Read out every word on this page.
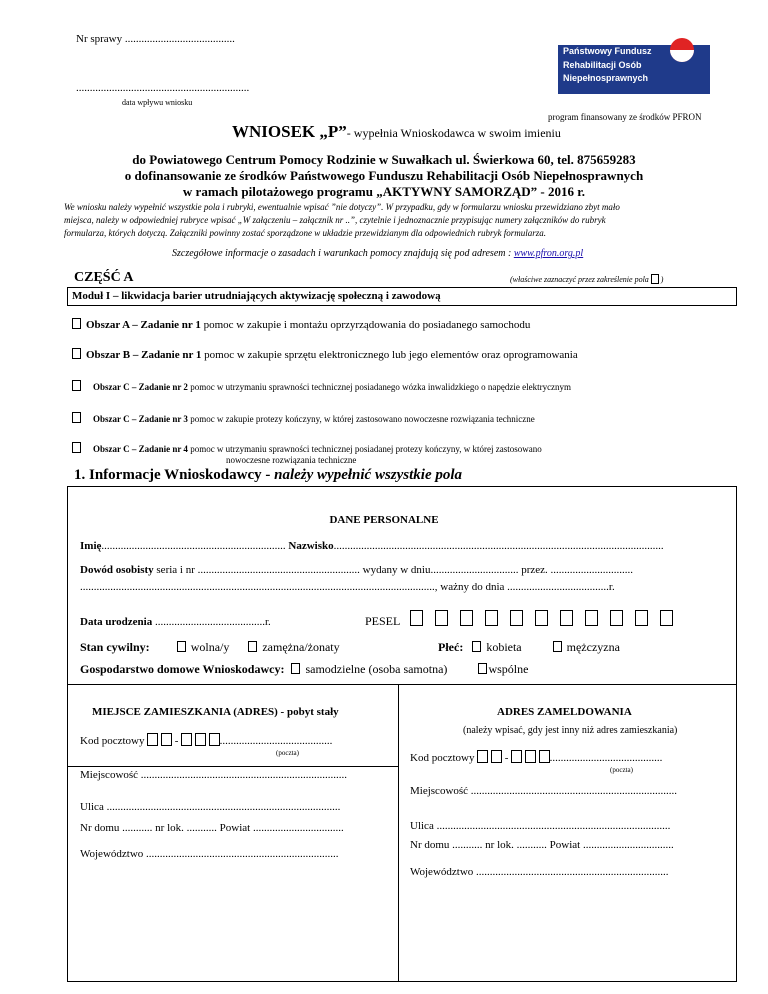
Nr sprawy ........................................
...............................................................
data wpływu wniosku
Państwowy Fundusz
Rehabilitacji Osób
Niepełnosprawnych
program finansowany ze środków PFRON
WNIOSEK „P”- wypełnia Wnioskodawca w swoim imieniu
do Powiatowego Centrum Pomocy Rodzinie w Suwałkach ul. Świerkowa 60, tel. 875659283
o dofinansowanie ze środków Państwowego Funduszu Rehabilitacji Osób Niepełnosprawnych
w ramach pilotażowego programu „AKTYWNY SAMORZĄD” - 2016 r.
We wniosku należy wypełnić wszystkie pola i rubryki, ewentualnie wpisać ”nie dotyczy”. W przypadku, gdy w formularzu wniosku przewidziano zbyt mało
miejsca, należy w odpowiedniej rubryce wpisać „W załączeniu – załącznik nr ..”, czytelnie i jednoznacznie przypisując numery załączników do rubryk
formularza, których dotyczą. Załączniki powinny zostać sporządzone w układzie przewidzianym dla odpowiednich rubryk formularza.
Szczegółowe informacje o zasadach i warunkach pomocy znajdują się pod adresem : www.pfron.org.pl
CZĘŚĆ A	(właściwe zaznaczyć przez zakreślenie pola  )
Moduł I – likwidacja barier utrudniających aktywizację społeczną i zawodową
Obszar A – Zadanie nr 1 pomoc w zakupie i montażu oprzyrządowania do posiadanego samochodu
Obszar B – Zadanie nr 1 pomoc w zakupie sprzętu elektronicznego lub jego elementów oraz oprogramowania
Obszar C – Zadanie nr 2 pomoc w utrzymaniu sprawności technicznej posiadanego wózka inwalidzkiego o napędzie elektrycznym
Obszar C – Zadanie nr 3 pomoc w zakupie protezy kończyny, w której zastosowano nowoczesne rozwiązania techniczne
Obszar C – Zadanie nr 4 pomoc w utrzymaniu sprawności technicznej posiadanej protezy kończyny, w której zastosowano
nowoczesne rozwiązania techniczne
1. Informacje Wnioskodawcy - należy wypełnić wszystkie pola
DANE PERSONALNE
Imię................................................................... Nazwisko........................................................................................................................
Dowód osobisty seria i nr ........................................................... wydany w dniu................................ przez. ..............................
................................................................................................................................., ważny do dnia .....................................r.
Data urodzenia ........................................r.	PESEL
Stan cywilny:	wolna/y	zamężna/żonaty	Płeć: kobieta	mężczyzna
Gospodarstwo domowe Wnioskodawcy: samodzielne (osoba samotna)	wspólne
MIEJSCE ZAMIESZKANIA (ADRES) - pobyt stały
Kod pocztowy	-	.........................................
(poczta)
Miejscowość ...........................................................................
Ulica .....................................................................................
Nr domu ........... nr lok. ........... Powiat .................................
Województwo ......................................................................
ADRES ZAMELDOWANIA
(należy wpisać, gdy jest inny niż adres zamieszkania)
Kod pocztowy	-	.........................................
(poczta)
Miejscowość ...........................................................................
Ulica .....................................................................................
Nr domu ........... nr lok. ........... Powiat .................................
Województwo ......................................................................
